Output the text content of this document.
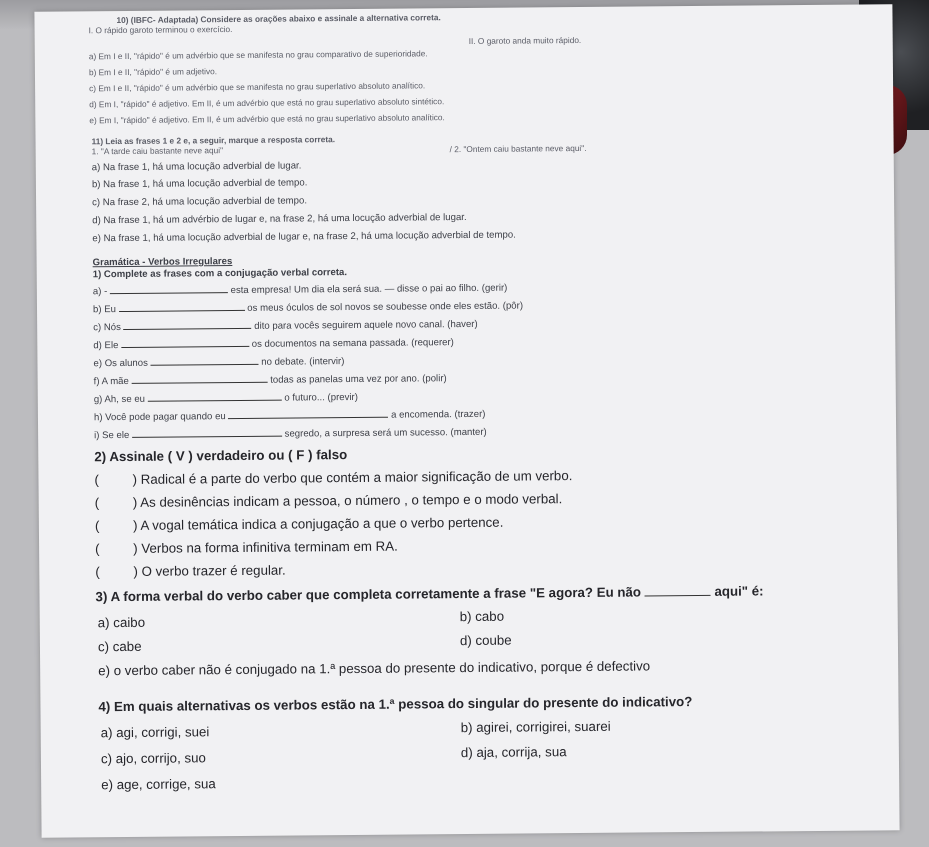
10) (IBFC- Adaptada) Considere as orações abaixo e assinale a alternativa correta.
I. O rápido garoto terminou o exercício.
II. O garoto anda muito rápido.
a) Em I e II, "rápido" é um advérbio que se manifesta no grau comparativo de superioridade.
b) Em I e II, "rápido" é um adjetivo.
c) Em I e II, "rápido" é um advérbio que se manifesta no grau superlativo absoluto analítico.
d) Em I, "rápido" é adjetivo. Em II, é um advérbio que está no grau superlativo absoluto sintético.
e) Em I, "rápido" é adjetivo. Em II, é um advérbio que está no grau superlativo absoluto analítico.
11) Leia as frases 1 e 2 e, a seguir, marque a resposta correta.
1. "A tarde caiu bastante neve aqui"	/ 2. "Ontem caiu bastante neve aqui".
a) Na frase 1, há uma locução adverbial de lugar.
b) Na frase 1, há uma locução adverbial de tempo.
c) Na frase 2, há uma locução adverbial de tempo.
d) Na frase 1, há um advérbio de lugar e, na frase 2, há uma locução adverbial de lugar.
e) Na frase 1, há uma locução adverbial de lugar e, na frase 2, há uma locução adverbial de tempo.
Gramática - Verbos Irregulares
1) Complete as frases com a conjugação verbal correta.
a) -	esta empresa! Um dia ela será sua. — disse o pai ao filho. (gerir)
b) Eu	os meus óculos de sol novos se soubesse onde eles estão. (pôr)
c) Nós	dito para vocês seguirem aquele novo canal. (haver)
d) Ele	os documentos na semana passada. (requerer)
e) Os alunos	no debate. (intervir)
f) A mãe	todas as panelas uma vez por ano. (polir)
g) Ah, se eu	o futuro... (previr)
h) Você pode pagar quando eu	a encomenda. (trazer)
i) Se ele	segredo, a surpresa será um sucesso. (manter)
2) Assinale ( V ) verdadeiro ou ( F ) falso
( ) Radical é a parte do verbo que contém a maior significação de um verbo.
( ) As desinências indicam a pessoa, o número , o tempo e o modo verbal.
( ) A vogal temática indica a conjugação a que o verbo pertence.
( ) Verbos na forma infinitiva terminam em RA.
( ) O verbo trazer é regular.
3) A forma verbal do verbo caber que completa corretamente a frase "E agora? Eu não	aqui" é:
a) caibo	b) cabo
c) cabe	d) coube
e) o verbo caber não é conjugado na 1.ª pessoa do presente do indicativo, porque é defectivo
4) Em quais alternativas os verbos estão na 1.ª pessoa do singular do presente do indicativo?
a) agi, corrigi, suei	b) agirei, corrigirei, suarei
c) ajo, corrijo, suo	d) aja, corrija, sua
e) age, corrige, sua
